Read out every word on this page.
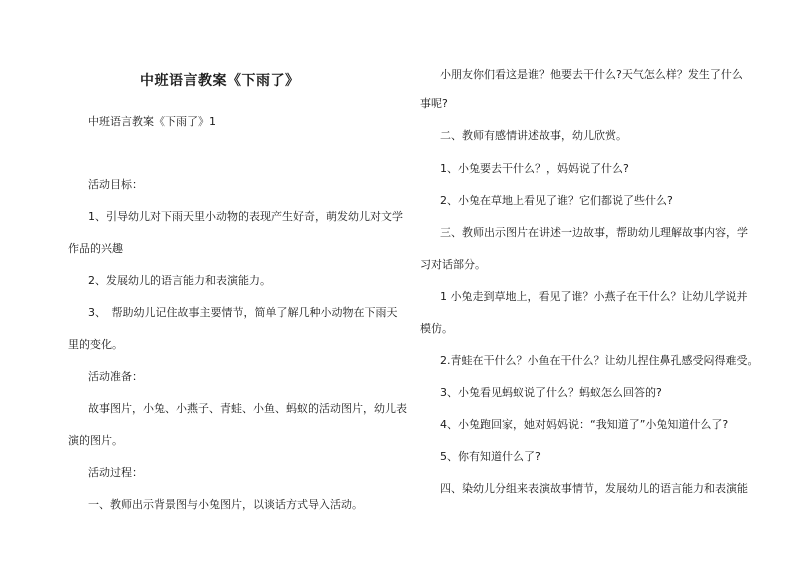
中班语言教案《下雨了》
中班语言教案《下雨了》1
活动目标：
1、引导幼儿对下雨天里小动物的表现产生好奇，萌发幼儿对文学
作品的兴趣
2、发展幼儿的语言能力和表演能力。
3、　帮助幼儿记住故事主要情节，简单了解几种小动物在下雨天
里的变化。
活动准备：
故事图片，小兔、小燕子、青蛙、小鱼、蚂蚁的活动图片，幼儿表
演的图片。
活动过程：
一、教师出示背景图与小兔图片，以谈话方式导入活动。
小朋友你们看这是谁？他要去干什么?天气怎么样？发生了什么
事呢?
二、教师有感情讲述故事，幼儿欣赏。
1、小兔要去干什么？，妈妈说了什么?
2、小兔在草地上看见了谁？它们都说了些什么?
三、教师出示图片在讲述一边故事，帮助幼儿理解故事内容，学
习对话部分。
1 小兔走到草地上，看见了谁？小燕子在干什么？让幼儿学说并
模仿。
2.青蛙在干什么？小鱼在干什么？让幼儿捏住鼻孔感受闷得难受。
3、小兔看见蚂蚁说了什么？蚂蚁怎么回答的?
4、小兔跑回家，她对妈妈说：“我知道了”小兔知道什么了?
5、你有知道什么了?
四、染幼儿分组来表演故事情节，发展幼儿的语言能力和表演能
